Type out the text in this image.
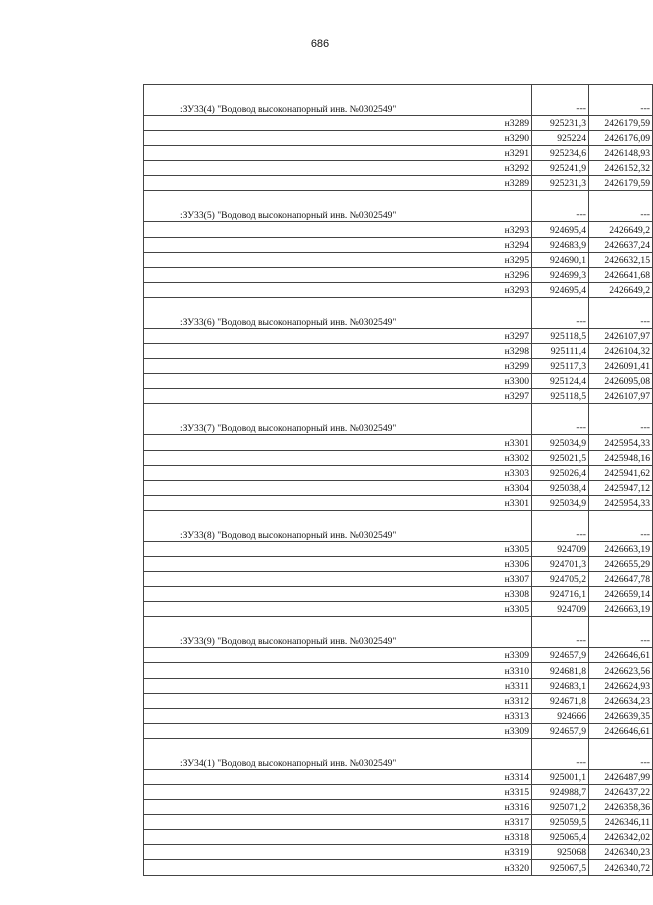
686
:ЗУ33(4) "Водовод высоконапорный инв. №0302549"	---	---
н3289	925231,3	2426179,59
н3290	925224	2426176,09
н3291	925234,6	2426148,93
н3292	925241,9	2426152,32
н3289	925231,3	2426179,59
:ЗУ33(5) "Водовод высоконапорный инв. №0302549"	---	---
н3293	924695,4	2426649,2
н3294	924683,9	2426637,24
н3295	924690,1	2426632,15
н3296	924699,3	2426641,68
н3293	924695,4	2426649,2
:ЗУ33(6) "Водовод высоконапорный инв. №0302549"	---	---
н3297	925118,5	2426107,97
н3298	925111,4	2426104,32
н3299	925117,3	2426091,41
н3300	925124,4	2426095,08
н3297	925118,5	2426107,97
:ЗУ33(7) "Водовод высоконапорный инв. №0302549"	---	---
н3301	925034,9	2425954,33
н3302	925021,5	2425948,16
н3303	925026,4	2425941,62
н3304	925038,4	2425947,12
н3301	925034,9	2425954,33
:ЗУ33(8) "Водовод высоконапорный инв. №0302549"	---	---
н3305	924709	2426663,19
н3306	924701,3	2426655,29
н3307	924705,2	2426647,78
н3308	924716,1	2426659,14
н3305	924709	2426663,19
:ЗУ33(9) "Водовод высоконапорный инв. №0302549"	---	---
н3309	924657,9	2426646,61
н3310	924681,8	2426623,56
н3311	924683,1	2426624,93
н3312	924671,8	2426634,23
н3313	924666	2426639,35
н3309	924657,9	2426646,61
:ЗУ34(1) "Водовод высоконапорный инв. №0302549"	---	---
н3314	925001,1	2426487,99
н3315	924988,7	2426437,22
н3316	925071,2	2426358,36
н3317	925059,5	2426346,11
н3318	925065,4	2426342,02
н3319	925068	2426340,23
н3320	925067,5	2426340,72
